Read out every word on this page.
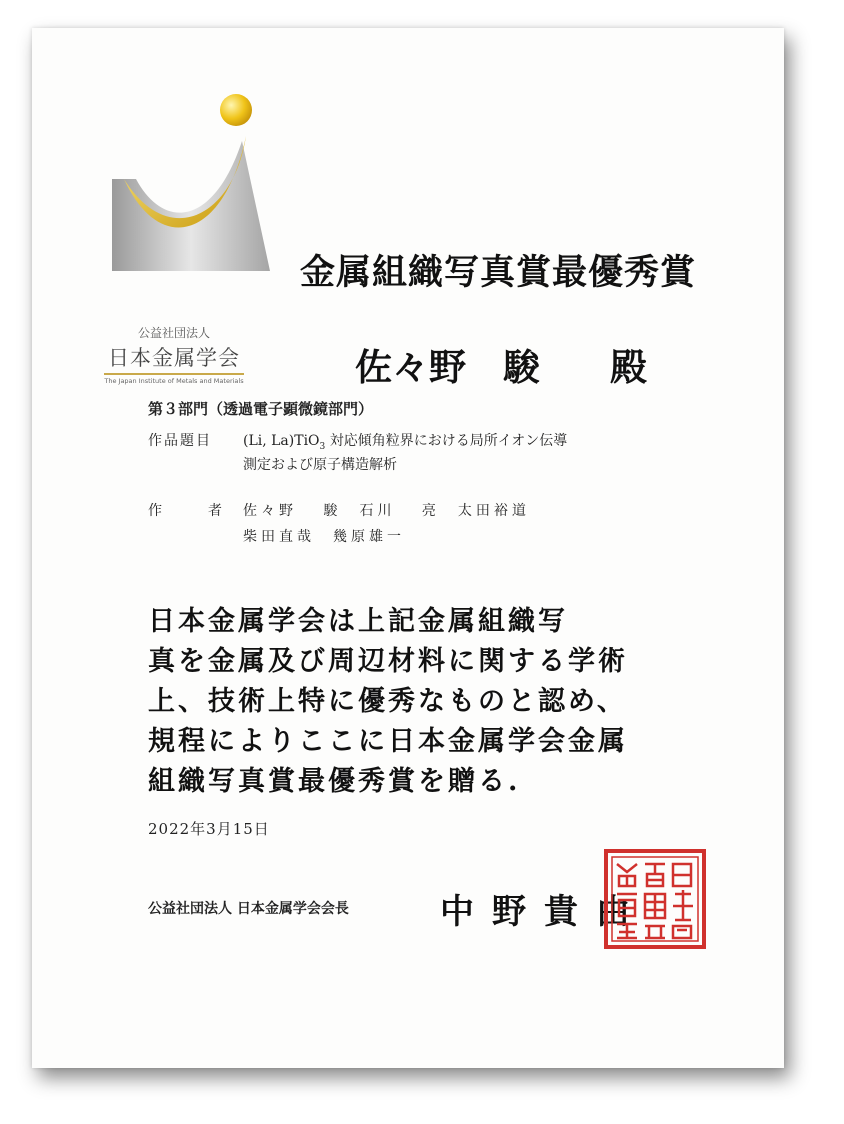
公益社団法人
日本金属学会
The Japan Institute of Metals and Materials
金属組織写真賞最優秀賞
佐々野　駿 殿
第３部門（透過電子顕微鏡部門）
作品題目 (Li, La)TiO$_3$ 対応傾角粒界における局所イオン伝導
測定および原子構造解析
作　　者 佐々野　 駿　石川　 亮　太田裕道
柴田直哉　幾原雄一
日本金属学会は上記金属組織写
真を金属及び周辺材料に関する学術
上、技術上特に優秀なものと認め、
規程によりここに日本金属学会金属
組織写真賞最優秀賞を贈る.
2022年3月15日
公益社団法人 日本金属学会会長	中野貴由
